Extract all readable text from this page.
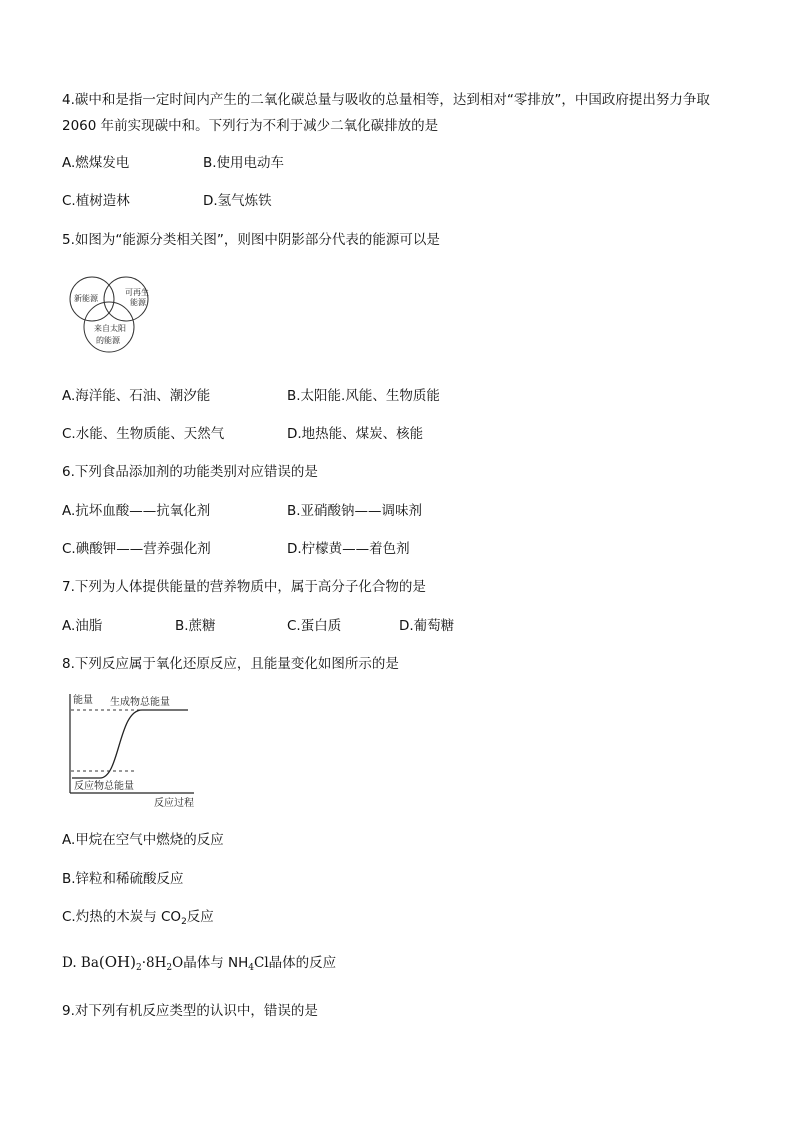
4.碳中和是指一定时间内产生的二氧化碳总量与吸收的总量相等，达到相对“零排放”，中国政府提出努力争取
2060 年前实现碳中和。下列行为不利于减少二氧化碳排放的是
A.燃煤发电	B.使用电动车
C.植树造林	D.氢气炼铁
5.如图为“能源分类相关图”，则图中阴影部分代表的能源可以是
新能源
可再生
能源
来自太阳
的能源
A.海洋能、石油、潮汐能	B.太阳能.风能、生物质能
C.水能、生物质能、天然气	D.地热能、煤炭、核能
6.下列食品添加剂的功能类别对应错误的是
A.抗坏血酸——抗氧化剂	B.亚硝酸钠——调味剂
C.碘酸钾——营养强化剂	D.柠檬黄——着色剂
7.下列为人体提供能量的营养物质中，属于高分子化合物的是
A.油脂	B.蔗糖	C.蛋白质	D.葡萄糖
8.下列反应属于氧化还原反应，且能量变化如图所示的是
能量 生成物总能量
反应物总能量
反应过程
A.甲烷在空气中燃烧的反应
B.锌粒和稀硫酸反应
C.灼热的木炭与 $CO_2$反应
D. $Ba(OH)_2\cdot 8H_2O$晶体与 $NH_4Cl$晶体的反应
9.对下列有机反应类型的认识中，错误的是
